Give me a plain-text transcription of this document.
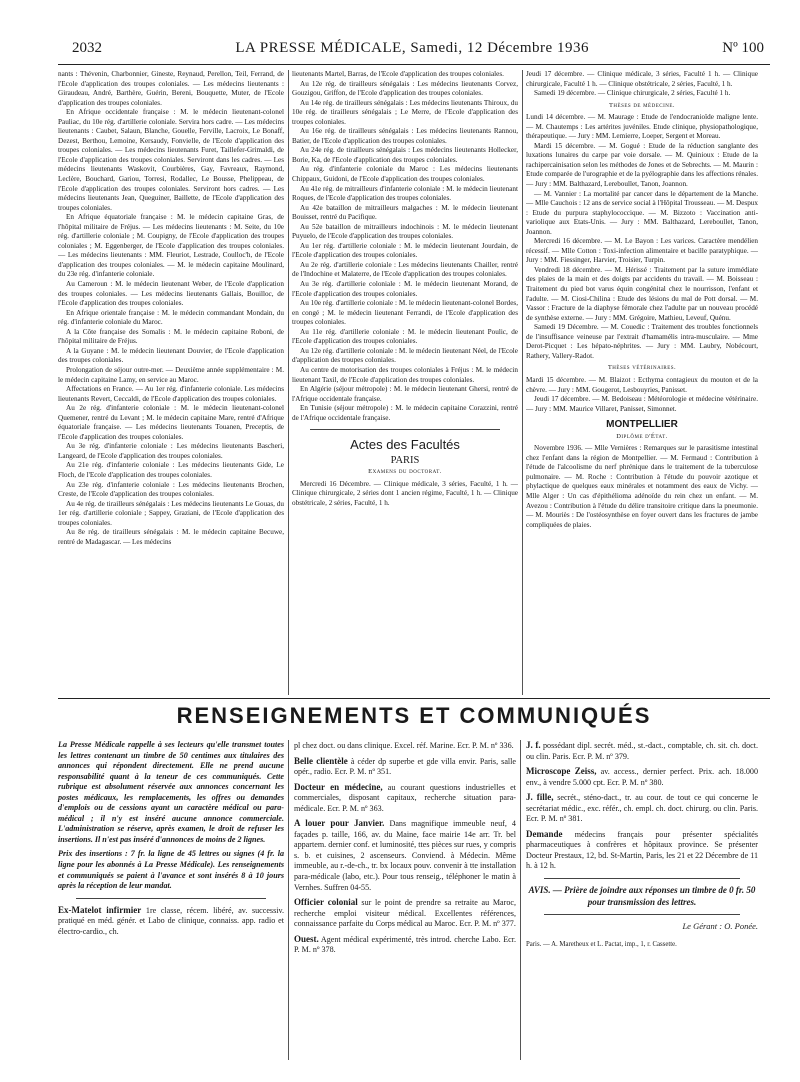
2032	LA PRESSE MÉDICALE, Samedi, 12 Décembre 1936	Nº 100

nants : Thévenin, Charbonnier, Gineste, Reynaud, Perellon, Teil, Ferrand, de l'Ecole d'application des troupes coloniales. — Les médecins lieutenants : Giraudeau, André, Barthère, Guérin, Bereni, Bouquette, Muter, de l'Ecole d'application des troupes coloniales.

En Afrique occidentale française : M. le médecin lieutenant-colonel Pauliac, du 10e rég. d'artillerie coloniale. Servira hors cadre. — Les médecins lieutenants : Caubet, Salaun, Blanche, Gouelle, Ferville, Lacroix, Le Bonaff, Dezest, Berthou, Lemoine, Kersaudy, Fonvielle, de l'Ecole d'application des troupes coloniales. — Les médecins lieutenants Furet, Taillefer-Grimaldi, de l'Ecole d'application des troupes coloniales. Serviront dans les cadres. — Les médecins lieutenants Waskovit, Courbières, Gay, Favreaux, Raymond, Leclère, Bouchard, Gariou, Torresi, Rodallec, Le Bousse, Phelippeau, de l'Ecole d'application des troupes coloniales. Serviront hors cadres. — Les médecins lieutenants Jean, Queguiner, Baillette, de l'Ecole d'application des troupes coloniales.

En Afrique équatoriale française : M. le médecin capitaine Gras, de l'hôpital militaire de Fréjus. — Les médecins lieutenants : M. Seite, du 10e rég. d'artillerie coloniale ; M. Coupigny, de l'Ecole d'application des troupes coloniales ; M. Eggenberger, de l'Ecole d'application des troupes coloniales. — Les médecins lieutenants : MM. Fleuriot, Lestrade, Coulloc'h, de l'Ecole d'application des troupes coloniales. — M. le médecin capitaine Moulinard, du 23e rég. d'infanterie coloniale.

Au Cameroun : M. le médecin lieutenant Weber, de l'Ecole d'application des troupes coloniales. — Les médecins lieutenants Gallais, Bouilloc, de l'Ecole d'application des troupes coloniales.

En Afrique orientale française : M. le médecin commandant Mondain, du rég. d'infanterie coloniale du Maroc.

A la Côte française des Somalis : M. le médecin capitaine Roboni, de l'hôpital militaire de Fréjus.

A la Guyane : M. le médecin lieutenant Douvier, de l'Ecole d'application des troupes coloniales.

Prolongation de séjour outre-mer. — Deuxième année supplémentaire : M. le médecin capitaine Lamy, en service au Maroc.

Affectations en France. — Au 1er rég. d'infanterie coloniale. Les médecins lieutenants Revert, Ceccaldi, de l'Ecole d'application des troupes coloniales.

Au 2e rég. d'infanterie coloniale : M. le médecin lieutenant-colonel Quemener, rentré du Levant ; M. le médecin capitaine Mare, rentré d'Afrique équatoriale française. — Les médecins lieutenants Touanen, Preceptis, de l'Ecole d'application des troupes coloniales.

Au 3e rég. d'infanterie coloniale : Les médecins lieutenants Bascheri, Langeard, de l'Ecole d'application des troupes coloniales.

Au 21e rég. d'infanterie coloniale : Les médecins lieutenants Gide, Le Floch, de l'Ecole d'application des troupes coloniales.

Au 23e rég. d'infanterie coloniale : Les médecins lieutenants Brochen, Creste, de l'Ecole d'application des troupes coloniales.

Au 4e rég. de tirailleurs sénégalais : Les médecins lieutenants Le Gouas, du 1er rég. d'artillerie coloniale ; Sappey, Graziani, de l'Ecole d'application des troupes coloniales.

Au 8e rég. de tirailleurs sénégalais : M. le médecin capitaine Becuwe, rentré de Madagascar. — Les médecins

lieutenants Martel, Barras, de l'Ecole d'application des troupes coloniales.

Au 12e rég. de tirailleurs sénégalais : Les médecins lieutenants Corvez, Gouzigou, Griffon, de l'Ecole d'application des troupes coloniales.

Au 14e rég. de tirailleurs sénégalais : Les médecins lieutenants Thiroux, du 10e rég. de tirailleurs sénégalais ; Le Merre, de l'Ecole d'application des troupes coloniales.

Au 16e rég. de tirailleurs sénégalais : Les médecins lieutenants Rannou, Batier, de l'Ecole d'application des troupes coloniales.

Au 24e rég. de tirailleurs sénégalais : Les médecins lieutenants Hollecker, Borie, Ka, de l'Ecole d'application des troupes coloniales.

Au rég. d'infanterie coloniale du Maroc : Les médecins lieutenants Chippaux, Guidoni, de l'Ecole d'application des troupes coloniales.

Au 41e rég. de mitrailleurs d'infanterie coloniale : M. le médecin lieutenant Roques, de l'Ecole d'application des troupes coloniales.

Au 42e bataillon de mitrailleurs malgaches : M. le médecin lieutenant Bouisset, rentré du Pacifique.

Au 52e bataillon de mitrailleurs indochinois : M. le médecin lieutenant Puyuelo, de l'Ecole d'application des troupes coloniales.

Au 1er rég. d'artillerie coloniale : M. le médecin lieutenant Jourdain, de l'Ecole d'application des troupes coloniales.

Au 2e rég. d'artillerie coloniale : Les médecins lieutenants Chailler, rentré de l'Indochine et Malaterre, de l'Ecole d'application des troupes coloniales.

Au 3e rég. d'artillerie coloniale : M. le médecin lieutenant Morand, de l'Ecole d'application des troupes coloniales.

Au 10e rég. d'artillerie coloniale : M. le médecin lieutenant-colonel Bordes, en congé ; M. le médecin lieutenant Ferrandi, de l'Ecole d'application des troupes coloniales.

Au 11e rég. d'artillerie coloniale : M. le médecin lieutenant Poulic, de l'Ecole d'application des troupes coloniales.

Au 12e rég. d'artillerie coloniale : M. le médecin lieutenant Néel, de l'Ecole d'application des troupes coloniales.

Au centre de motorisation des troupes coloniales à Fréjus : M. le médecin lieutenant Taxil, de l'Ecole d'application des troupes coloniales.

En Algérie (séjour métropole) : M. le médecin lieutenant Ghersi, rentré de l'Afrique occidentale française.

En Tunisie (séjour métropole) : M. le médecin capitaine Corazzini, rentré de l'Afrique occidentale française.

Actes des Facultés
PARIS
Examens du doctorat.

Mercredi 16 Décembre. — Clinique médicale, 3 séries, Faculté, 1 h. — Clinique chirurgicale, 2 séries dont 1 ancien régime, Faculté, 1 h. — Clinique obstétricale, 2 séries, Faculté, 1 h.

Jeudi 17 décembre. — Clinique médicale, 3 séries, Faculté 1 h. — Clinique chirurgicale, Faculté 1 h. — Clinique obstétricale, 2 séries, Faculté, 1 h.

Samedi 19 décembre. — Clinique chirurgicale, 2 séries, Faculté 1 h.

Thèses de médecine.

Lundi 14 décembre. — M. Maurage : Etude de l'endocranioïde maligne lente. — M. Chautemps : Les artérites juvéniles. Etude clinique, physiopathologique, thérapeutique. — Jury : MM. Lemierre, Loeper, Sergent et Moreau.

Mardi 15 décembre. — M. Gogué : Etude de la réduction sanglante des luxations lunaires du carpe par voie dorsale. — M. Quinioux : Etude de la rachipercainisation selon les méthodes de Jones et de Sebrechts. — M. Maurin : Etude comparée de l'urographie et de la pyélographie dans les affections rénales. — Jury : MM. Balthazard, Lereboullet, Tanon, Joannon.

— M. Vannier : La mortalité par cancer dans le département de la Manche. — Mlle Cauchois : 12 ans de service social à l'Hôpital Trousseau. — M. Despux : Etude du purpura staphylococcique. — M. Bizzoto : Vaccination anti-variolique aux Etats-Unis. — Jury : MM. Balthazard, Lereboullet, Tanon, Joannon.

Mercredi 16 décembre. — M. Le Bayon : Les varices. Caractère mendélien récessif. — Mlle Cotton : Toxi-infection alimentaire et bacille paratyphique. — Jury : MM. Fiessinger, Harvier, Troisier, Turpin.

Vendredi 18 décembre. — M. Hérissé : Traitement par la suture immédiate des plaies de la main et des doigts par accidents du travail. — M. Boisseau : Traitement du pied bot varus équin congénital chez le nourrisson, l'enfant et l'adulte. — M. Ciosi-Chilina : Etude des lésions du mal de Pott dorsal. — M. Vassor : Fracture de la diaphyse fémorale chez l'adulte par un nouveau procédé de synthèse externe. — Jury : MM. Grégoire, Mathieu, Leveuf, Quénu.

Samedi 19 Décembre. — M. Couedic : Traitement des troubles fonctionnels de l'insuffisance veineuse par l'extrait d'hamamélis intra-musculaire. — Mme Derot-Picquet : Les hépato-néphrites. — Jury : MM. Laubry, Nobécourt, Rathery, Vallery-Radot.

Thèses vétérinaires.

Mardi 15 décembre. — M. Blaizot : Ecthyma contagieux du mouton et de la chèvre. — Jury : MM. Gougerot, Lesbouyries, Panisset.

Jeudi 17 décembre. — M. Bedoiseau : Météorologie et médecine vétérinaire. — Jury : MM. Maurice Villaret, Panisset, Simonnet.

MONTPELLIER
Diplôme d'État.

Novembre 1936. — Mlle Vernières : Remarques sur le parasitisme intestinal chez l'enfant dans la région de Montpellier. — M. Fermaud : Contribution à l'étude de l'alcoolisme du nerf phrénique dans le traitement de la tuberculose pulmonaire. — M. Roche : Contribution à l'étude du pouvoir azotique et phylactique de quelques eaux minérales et notamment des eaux de Vichy. — Mlle Alger : Un cas d'épithélioma adénoïde du rein chez un enfant. — M. Avezou : Contribution à l'étude du délire transitoire critique dans la pneumonie. — M. Mouriès : De l'ostéosynthèse en foyer ouvert dans les fractures de jambe compliquées de plaies.

RENSEIGNEMENTS ET COMMUNIQUÉS

La Presse Médicale rappelle à ses lecteurs qu'elle transmet toutes les lettres contenant un timbre de 50 centimes aux titulaires des annonces qui répondent directement. Elle ne prend aucune responsabilité quant à la teneur de ces communiqués. Cette rubrique est absolument réservée aux annonces concernant les postes médicaux, les remplacements, les offres ou demandes d'emplois ou de cessions ayant un caractère médical ou para-médical ; il n'y est inséré aucune annonce commerciale. L'administration se réserve, après examen, le droit de refuser les insertions. Il n'est pas inséré d'annonces de moins de 2 lignes.

Prix des insertions : 7 fr. la ligne de 45 lettres ou signes (4 fr. la ligne pour les abonnés à La Presse Médicale). Les renseignements et communiqués se paient à l'avance et sont insérés 8 à 10 jours après la réception de leur mandat.

Ex-Matelot infirmier 1re classe, récem. libéré, av. successiv. pratiqué en méd. génér. et Labo de clinique, connaiss. app. radio et électro-cardio., ch.

pl chez doct. ou dans clinique. Excel. réf. Marine. Ecr. P. M. nº 336.

Belle clientèle à céder dp superbe et gde villa envir. Paris, salle opér., radio. Ecr. P. M. nº 351.

Docteur en médecine, au courant questions industrielles et commerciales, disposant capitaux, recherche situation para-médicale. Ecr. P. M. nº 363.

A louer pour Janvier. Dans magnifique immeuble neuf, 4 façades p. taille, 166, av. du Maine, face mairie 14e arr. Tr. bel appartem. dernier conf. et luminosité, ttes pièces sur rues, y compris s. b. et cuisines, 2 ascenseurs. Conviend. à Médecin. Même immeuble, au r.-de-ch., tr. bx locaux pouv. convenir à tte installation para-médicale (labo, etc.). Pour tous renseig., téléphoner le matin à Vernhes. Suffren 04-55.

Officier colonial sur le point de prendre sa retraite au Maroc, recherche emploi visiteur médical. Excellentes références, connaissance parfaite du Corps médical au Maroc. Ecr. P. M. nº 377.

Ouest. Agent médical expérimenté, très introd. cherche Labo. Ecr. P. M. nº 378.

J. f. possédant dipl. secrét. méd., st.-dact., comptable, ch. sit. ch. doct. ou clin. Paris. Ecr. P. M. nº 379.

Microscope Zeiss, av. access., dernier perfect. Prix. ach. 18.000 env., à vendre 5.000 cpt. Ecr. P. M. nº 380.

J. fille, secrét., sténo-dact., tr. au cour. de tout ce qui concerne le secrétariat médic., exc. référ., ch. empl. ch. doct. chirurg. ou clin. Paris. Ecr. P. M. nº 381.

Demande médecins français pour présenter spécialités pharmaceutiques à confrères et hôpitaux province. Se présenter Docteur Prestaux, 12, bd. St-Martin, Paris, les 21 et 22 Décembre de 11 h. à 12 h.

AVIS. — Prière de joindre aux réponses un timbre de 0 fr. 50 pour transmission des lettres.
Le Gérant : O. Ponée.
Paris. — A. Maretheux et L. Pactat, imp., 1, r. Cassette.
